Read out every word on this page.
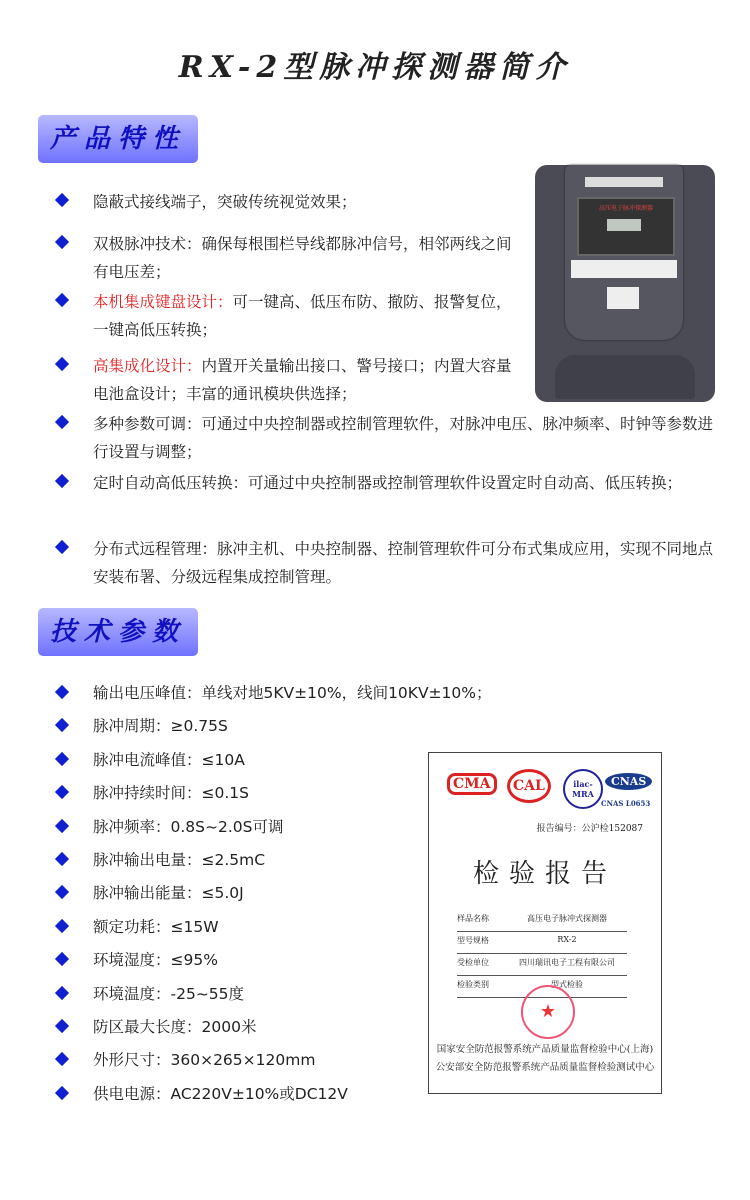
RX-2型脉冲探测器简介
产品特性
隐蔽式接线端子，突破传统视觉效果；
双极脉冲技术：确保每根围栏导线都脉冲信号，相邻两线之间有电压差；
本机集成键盘设计：可一键高、低压布防、撤防、报警复位，一键高低压转换；
高集成化设计：内置开关量输出接口、警号接口；内置大容量电池盒设计；丰富的通讯模块供选择；
多种参数可调：可通过中央控制器或控制管理软件，对脉冲电压、脉冲频率、时钟等参数进行设置与调整；
定时自动高低压转换：可通过中央控制器或控制管理软件设置定时自动高、低压转换；
分布式远程管理：脉冲主机、中央控制器、控制管理软件可分布式集成应用，实现不同地点安装布署、分级远程集成控制管理。
高压电子脉冲探测器
技术参数
输出电压峰值：单线对地5KV±10%，线间10KV±10%；
脉冲周期：≥0.75S
脉冲电流峰值：≤10A
脉冲持续时间：≤0.1S
脉冲频率：0.8S~2.0S可调
脉冲输出电量：≤2.5mC
脉冲输出能量：≤5.0J
额定功耗：≤15W
环境湿度：≤95%
环境温度：-25~55度
防区最大长度：2000米
外形尺寸：360×265×120mm
供电电源：AC220V±10%或DC12V
CMA	CAL	ilac-MRA
CNAS
CNAS L0653
报告编号：公沪检152087
检验报告
样品名称	高压电子脉冲式探测器
型号规格	RX-2
受检单位	四川瑞讯电子工程有限公司
检验类别	型式检验
★
国家安全防范报警系统产品质量监督检验中心(上海)
公安部安全防范报警系统产品质量监督检验测试中心
